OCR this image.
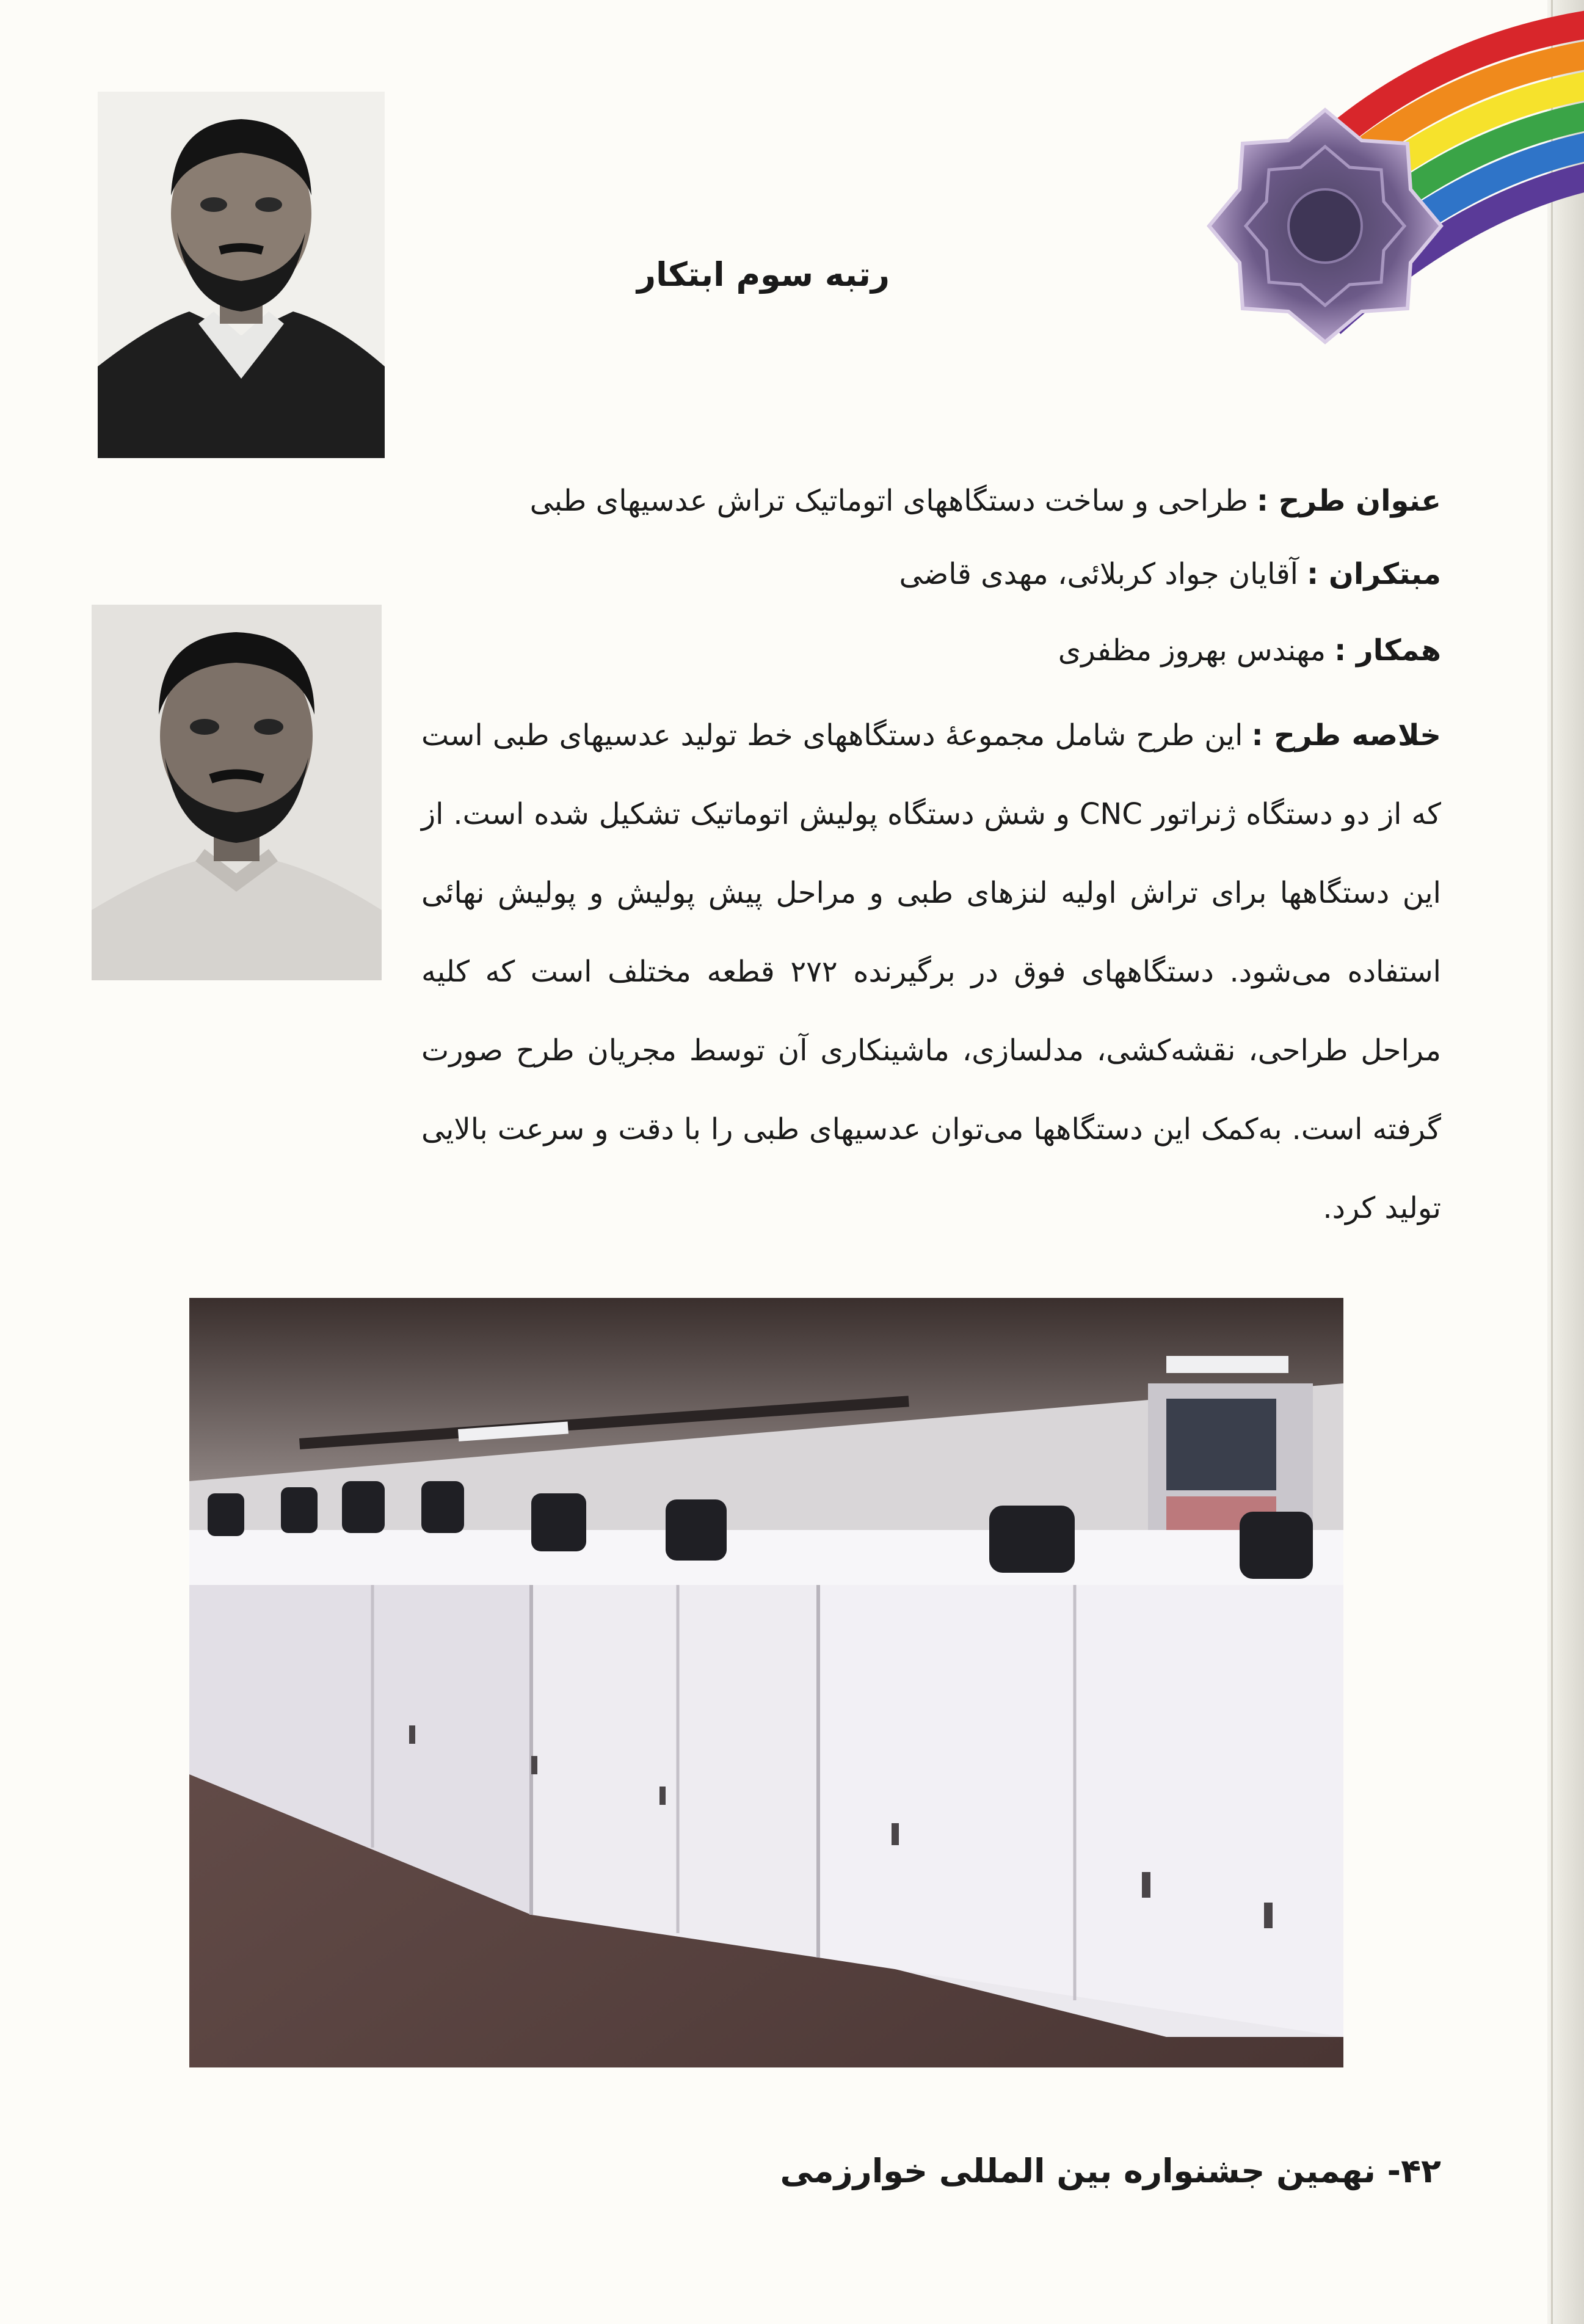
رتبه سوم ابتکار
عنوان طرح :طراحی و ساخت دستگاههای اتوماتیک تراش عدسیهای طبی
مبتکران :آقایان جواد کربلائی، مهدی قاضی
همکار :مهندس بهروز مظفری
خلاصه طرح :این طرح شامل مجموعهٔ دستگاههای خط تولید عدسیهای طبی است که از دو دستگاه ژنراتور CNC و شش دستگاه پولیش اتوماتیک تشکیل شده است. از این دستگاهها برای تراش اولیه لنزهای طبی و مراحل پیش پولیش و پولیش نهائی استفاده می‌شود. دستگاههای فوق در برگیرنده ۲۷۲ قطعه مختلف است که کلیه مراحل طراحی، نقشه‌کشی، مدلسازی، ماشینکاری آن توسط مجریان طرح صورت گرفته است. به‌کمک این دستگاهها می‌توان عدسیهای طبی را با دقت و سرعت بالایی تولید کرد.
۴۲- نهمین جشنواره بین المللی خوارزمی
